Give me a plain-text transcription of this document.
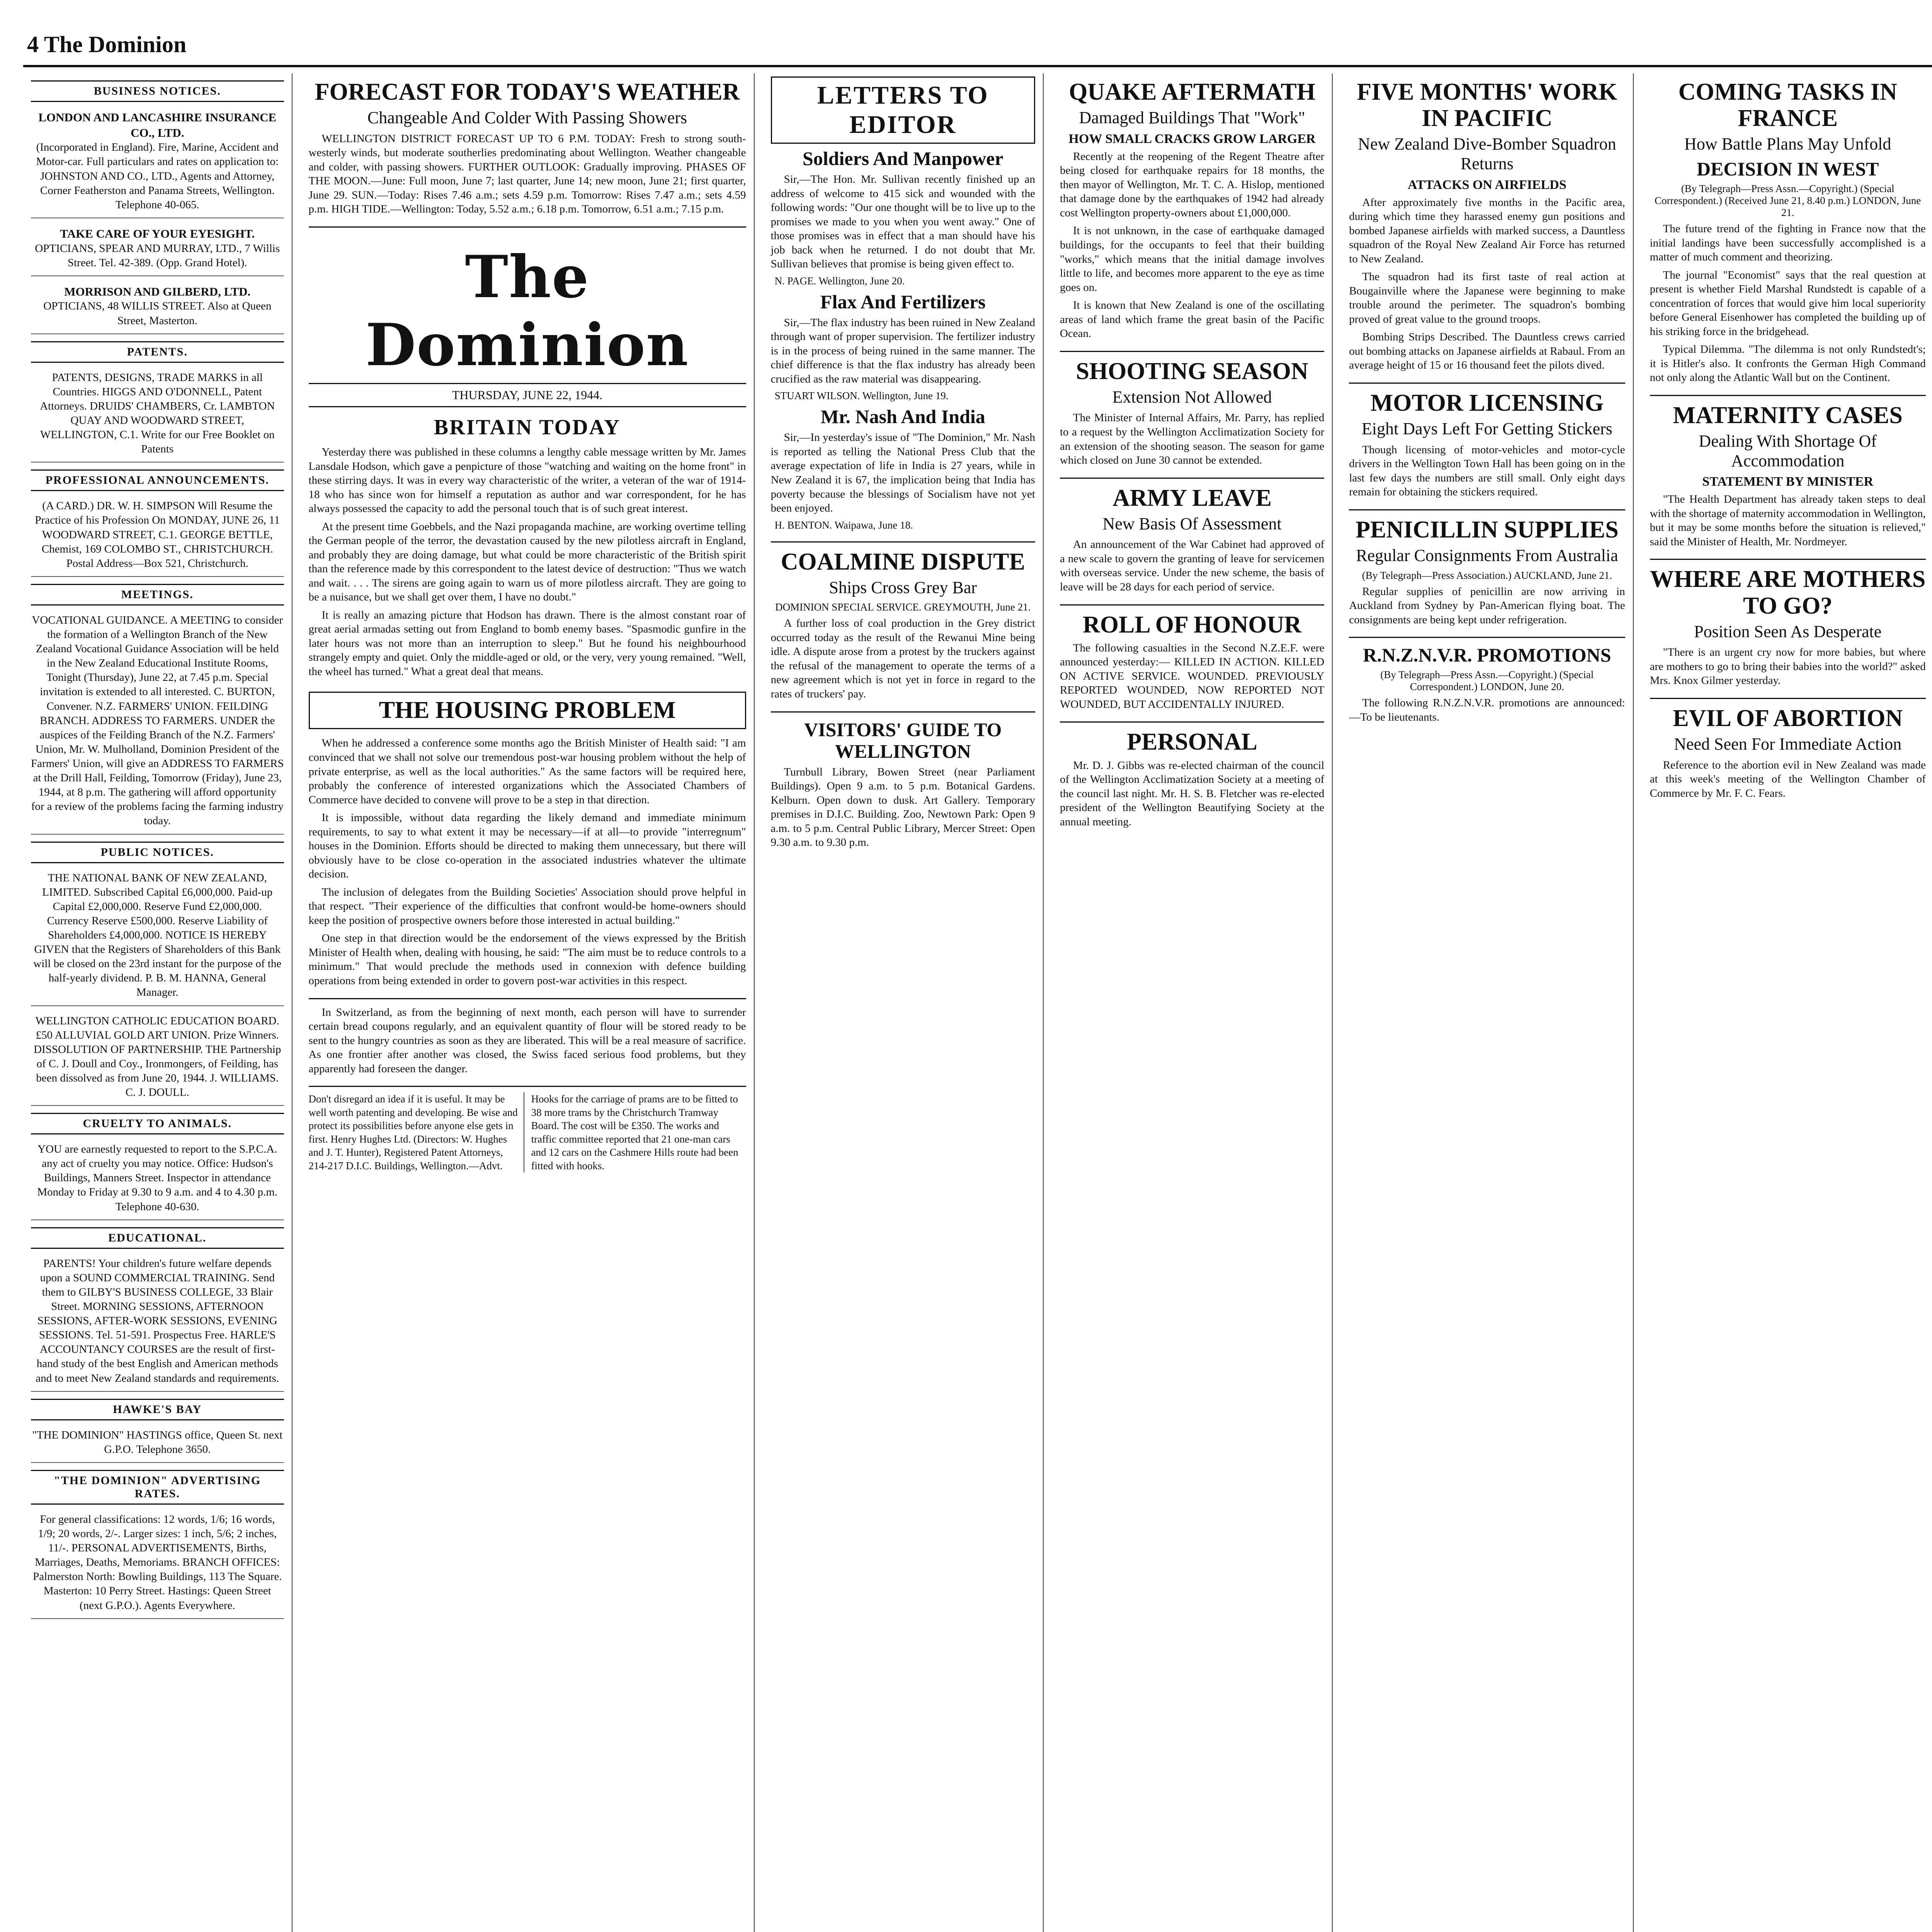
4 The Dominion
BUSINESS NOTICES.
LONDON AND LANCASHIRE INSURANCE CO., LTD.
(Incorporated in England). Fire, Marine, Accident and Motor-car. Full particulars and rates on application to: JOHNSTON AND CO., LTD., Agents and Attorney, Corner Featherston and Panama Streets, Wellington. Telephone 40-065.
TAKE CARE OF YOUR EYESIGHT.
OPTICIANS, SPEAR AND MURRAY, LTD., 7 Willis Street. Tel. 42-389. (Opp. Grand Hotel).
MORRISON AND GILBERD, LTD.
OPTICIANS, 48 WILLIS STREET. Also at Queen Street, Masterton.
PATENTS.
PATENTS, DESIGNS, TRADE MARKS in all Countries. HIGGS AND O'DONNELL, Patent Attorneys. DRUIDS' CHAMBERS, Cr. LAMBTON QUAY AND WOODWARD STREET, WELLINGTON, C.1. Write for our Free Booklet on Patents
PROFESSIONAL ANNOUNCEMENTS.
(A CARD.) DR. W. H. SIMPSON Will Resume the Practice of his Profession On MONDAY, JUNE 26, 11 WOODWARD STREET, C.1. GEORGE BETTLE, Chemist, 169 COLOMBO ST., CHRISTCHURCH. Postal Address—Box 521, Christchurch.
MEETINGS.
VOCATIONAL GUIDANCE. A MEETING to consider the formation of a Wellington Branch of the New Zealand Vocational Guidance Association will be held in the New Zealand Educational Institute Rooms, Tonight (Thursday), June 22, at 7.45 p.m. Special invitation is extended to all interested. C. BURTON, Convener. N.Z. FARMERS' UNION. FEILDING BRANCH. ADDRESS TO FARMERS. UNDER the auspices of the Feilding Branch of the N.Z. Farmers' Union, Mr. W. Mulholland, Dominion President of the Farmers' Union, will give an ADDRESS TO FARMERS at the Drill Hall, Feilding, Tomorrow (Friday), June 23, 1944, at 8 p.m. The gathering will afford opportunity for a review of the problems facing the farming industry today.
PUBLIC NOTICES.
THE NATIONAL BANK OF NEW ZEALAND, LIMITED. Subscribed Capital £6,000,000. Paid-up Capital £2,000,000. Reserve Fund £2,000,000. Currency Reserve £500,000. Reserve Liability of Shareholders £4,000,000. NOTICE IS HEREBY GIVEN that the Registers of Shareholders of this Bank will be closed on the 23rd instant for the purpose of the half-yearly dividend. P. B. M. HANNA, General Manager.
WELLINGTON CATHOLIC EDUCATION BOARD. £50 ALLUVIAL GOLD ART UNION. Prize Winners. DISSOLUTION OF PARTNERSHIP. THE Partnership of C. J. Doull and Coy., Ironmongers, of Feilding, has been dissolved as from June 20, 1944. J. WILLIAMS. C. J. DOULL.
CRUELTY TO ANIMALS.
YOU are earnestly requested to report to the S.P.C.A. any act of cruelty you may notice. Office: Hudson's Buildings, Manners Street. Inspector in attendance Monday to Friday at 9.30 to 9 a.m. and 4 to 4.30 p.m. Telephone 40-630.
EDUCATIONAL.
PARENTS! Your children's future welfare depends upon a SOUND COMMERCIAL TRAINING. Send them to GILBY'S BUSINESS COLLEGE, 33 Blair Street. MORNING SESSIONS, AFTERNOON SESSIONS, AFTER-WORK SESSIONS, EVENING SESSIONS. Tel. 51-591. Prospectus Free. HARLE'S ACCOUNTANCY COURSES are the result of first-hand study of the best English and American methods and to meet New Zealand standards and requirements.
HAWKE'S BAY
"THE DOMINION" HASTINGS office, Queen St. next G.P.O. Telephone 3650.
"THE DOMINION" ADVERTISING RATES.
For general classifications: 12 words, 1/6; 16 words, 1/9; 20 words, 2/-. Larger sizes: 1 inch, 5/6; 2 inches, 11/-. PERSONAL ADVERTISEMENTS, Births, Marriages, Deaths, Memoriams. BRANCH OFFICES: Palmerston North: Bowling Buildings, 113 The Square. Masterton: 10 Perry Street. Hastings: Queen Street (next G.P.O.). Agents Everywhere.
FORECAST FOR TODAY'S WEATHER
Changeable And Colder With Passing Showers

WELLINGTON DISTRICT FORECAST UP TO 6 P.M. TODAY: Fresh to strong south-westerly winds, but moderate southerlies predominating about Wellington. Weather changeable and colder, with passing showers. FURTHER OUTLOOK: Gradually improving. PHASES OF THE MOON.—June: Full moon, June 7; last quarter, June 14; new moon, June 21; first quarter, June 29. SUN.—Today: Rises 7.46 a.m.; sets 4.59 p.m. Tomorrow: Rises 7.47 a.m.; sets 4.59 p.m. HIGH TIDE.—Wellington: Today, 5.52 a.m.; 6.18 p.m. Tomorrow, 6.51 a.m.; 7.15 p.m.

The Dominion
THURSDAY, JUNE 22, 1944.
BRITAIN TODAY

Yesterday there was published in these columns a lengthy cable message written by Mr. James Lansdale Hodson, which gave a penpicture of those "watching and waiting on the home front" in these stirring days. It was in every way characteristic of the writer, a veteran of the war of 1914-18 who has since won for himself a reputation as author and war correspondent, for he has always possessed the capacity to add the personal touch that is of such great interest.

At the present time Goebbels, and the Nazi propaganda machine, are working overtime telling the German people of the terror, the devastation caused by the new pilotless aircraft in England, and probably they are doing damage, but what could be more characteristic of the British spirit than the reference made by this correspondent to the latest device of destruction: "Thus we watch and wait. . . . The sirens are going again to warn us of more pilotless aircraft. They are going to be a nuisance, but we shall get over them, I have no doubt."

It is really an amazing picture that Hodson has drawn. There is the almost constant roar of great aerial armadas setting out from England to bomb enemy bases. "Spasmodic gunfire in the later hours was not more than an interruption to sleep." But he found his neighbourhood strangely empty and quiet. Only the middle-aged or old, or the very, very young remained. "Well, the wheel has turned." What a great deal that means.

THE HOUSING PROBLEM

When he addressed a conference some months ago the British Minister of Health said: "I am convinced that we shall not solve our tremendous post-war housing problem without the help of private enterprise, as well as the local authorities." As the same factors will be required here, probably the conference of interested organizations which the Associated Chambers of Commerce have decided to convene will prove to be a step in that direction.

It is impossible, without data regarding the likely demand and immediate minimum requirements, to say to what extent it may be necessary—if at all—to provide "interregnum" houses in the Dominion. Efforts should be directed to making them unnecessary, but there will obviously have to be close co-operation in the associated industries whatever the ultimate decision.

The inclusion of delegates from the Building Societies' Association should prove helpful in that respect. "Their experience of the difficulties that confront would-be home-owners should keep the position of prospective owners before those interested in actual building."

One step in that direction would be the endorsement of the views expressed by the British Minister of Health when, dealing with housing, he said: "The aim must be to reduce controls to a minimum." That would preclude the methods used in connexion with defence building operations from being extended in order to govern post-war activities in this respect.

In Switzerland, as from the beginning of next month, each person will have to surrender certain bread coupons regularly, and an equivalent quantity of flour will be stored ready to be sent to the hungry countries as soon as they are liberated. This will be a real measure of sacrifice. As one frontier after another was closed, the Swiss faced serious food problems, but they apparently had foreseen the danger.

Don't disregard an idea if it is useful. It may be well worth patenting and developing. Be wise and protect its possibilities before anyone else gets in first. Henry Hughes Ltd. (Directors: W. Hughes and J. T. Hunter), Registered Patent Attorneys, 214-217 D.I.C. Buildings, Wellington.—Advt.
Hooks for the carriage of prams are to be fitted to 38 more trams by the Christchurch Tramway Board. The cost will be £350. The works and traffic committee reported that 21 one-man cars and 12 cars on the Cashmere Hills route had been fitted with hooks.
LETTERS TO EDITOR
Soldiers And Manpower

Sir,—The Hon. Mr. Sullivan recently finished up an address of welcome to 415 sick and wounded with the following words: "Our one thought will be to live up to the promises we made to you when you went away." One of those promises was in effect that a man should have his job back when he returned. I do not doubt that Mr. Sullivan believes that promise is being given effect to.

N. PAGE. Wellington, June 20.
Flax And Fertilizers

Sir,—The flax industry has been ruined in New Zealand through want of proper supervision. The fertilizer industry is in the process of being ruined in the same manner. The chief difference is that the flax industry has already been crucified as the raw material was disappearing.

STUART WILSON. Wellington, June 19.
Mr. Nash And India

Sir,—In yesterday's issue of "The Dominion," Mr. Nash is reported as telling the National Press Club that the average expectation of life in India is 27 years, while in New Zealand it is 67, the implication being that India has poverty because the blessings of Socialism have not yet been enjoyed.

H. BENTON. Waipawa, June 18.
COALMINE DISPUTE
Ships Cross Grey Bar
DOMINION SPECIAL SERVICE. GREYMOUTH, June 21.

A further loss of coal production in the Grey district occurred today as the result of the Rewanui Mine being idle. A dispute arose from a protest by the truckers against the refusal of the management to operate the terms of a new agreement which is not yet in force in regard to the rates of truckers' pay.

VISITORS' GUIDE TO WELLINGTON

Turnbull Library, Bowen Street (near Parliament Buildings). Open 9 a.m. to 5 p.m. Botanical Gardens. Kelburn. Open down to dusk. Art Gallery. Temporary premises in D.I.C. Building. Zoo, Newtown Park: Open 9 a.m. to 5 p.m. Central Public Library, Mercer Street: Open 9.30 a.m. to 9.30 p.m.

QUAKE AFTERMATH
Damaged Buildings That "Work"
HOW SMALL CRACKS GROW LARGER

Recently at the reopening of the Regent Theatre after being closed for earthquake repairs for 18 months, the then mayor of Wellington, Mr. T. C. A. Hislop, mentioned that damage done by the earthquakes of 1942 had already cost Wellington property-owners about £1,000,000.

It is not unknown, in the case of earthquake damaged buildings, for the occupants to feel that their building "works," which means that the initial damage involves little to life, and becomes more apparent to the eye as time goes on.

It is known that New Zealand is one of the oscillating areas of land which frame the great basin of the Pacific Ocean.

SHOOTING SEASON
Extension Not Allowed

The Minister of Internal Affairs, Mr. Parry, has replied to a request by the Wellington Acclimatization Society for an extension of the shooting season. The season for game which closed on June 30 cannot be extended.

ARMY LEAVE
New Basis Of Assessment

An announcement of the War Cabinet had approved of a new scale to govern the granting of leave for servicemen with overseas service. Under the new scheme, the basis of leave will be 28 days for each period of service.

ROLL OF HONOUR

The following casualties in the Second N.Z.E.F. were announced yesterday:— KILLED IN ACTION. KILLED ON ACTIVE SERVICE. WOUNDED. PREVIOUSLY REPORTED WOUNDED, NOW REPORTED NOT WOUNDED, BUT ACCIDENTALLY INJURED.

PERSONAL

Mr. D. J. Gibbs was re-elected chairman of the council of the Wellington Acclimatization Society at a meeting of the council last night. Mr. H. S. B. Fletcher was re-elected president of the Wellington Beautifying Society at the annual meeting.

FIVE MONTHS' WORK IN PACIFIC
New Zealand Dive-Bomber Squadron Returns
ATTACKS ON AIRFIELDS

After approximately five months in the Pacific area, during which time they harassed enemy gun positions and bombed Japanese airfields with marked success, a Dauntless squadron of the Royal New Zealand Air Force has returned to New Zealand.

The squadron had its first taste of real action at Bougainville where the Japanese were beginning to make trouble around the perimeter. The squadron's bombing proved of great value to the ground troops.

Bombing Strips Described. The Dauntless crews carried out bombing attacks on Japanese airfields at Rabaul. From an average height of 15 or 16 thousand feet the pilots dived.

MOTOR LICENSING
Eight Days Left For Getting Stickers

Though licensing of motor-vehicles and motor-cycle drivers in the Wellington Town Hall has been going on in the last few days the numbers are still small. Only eight days remain for obtaining the stickers required.

PENICILLIN SUPPLIES
Regular Consignments From Australia
(By Telegraph—Press Association.) AUCKLAND, June 21.

Regular supplies of penicillin are now arriving in Auckland from Sydney by Pan-American flying boat. The consignments are being kept under refrigeration.

R.N.Z.N.V.R. PROMOTIONS
(By Telegraph—Press Assn.—Copyright.) (Special Correspondent.) LONDON, June 20.

The following R.N.Z.N.V.R. promotions are announced:—To be lieutenants.

COMING TASKS IN FRANCE
How Battle Plans May Unfold
DECISION IN WEST
(By Telegraph—Press Assn.—Copyright.) (Special Correspondent.) (Received June 21, 8.40 p.m.) LONDON, June 21.

The future trend of the fighting in France now that the initial landings have been successfully accomplished is a matter of much comment and theorizing.

The journal "Economist" says that the real question at present is whether Field Marshal Rundstedt is capable of a concentration of forces that would give him local superiority before General Eisenhower has completed the building up of his striking force in the bridgehead.

Typical Dilemma. "The dilemma is not only Rundstedt's; it is Hitler's also. It confronts the German High Command not only along the Atlantic Wall but on the Continent.

MATERNITY CASES
Dealing With Shortage Of Accommodation
STATEMENT BY MINISTER

"The Health Department has already taken steps to deal with the shortage of maternity accommodation in Wellington, but it may be some months before the situation is relieved," said the Minister of Health, Mr. Nordmeyer.

WHERE ARE MOTHERS TO GO?
Position Seen As Desperate

"There is an urgent cry now for more babies, but where are mothers to go to bring their babies into the world?" asked Mrs. Knox Gilmer yesterday.

EVIL OF ABORTION
Need Seen For Immediate Action

Reference to the abortion evil in New Zealand was made at this week's meeting of the Wellington Chamber of Commerce by Mr. F. C. Fears.
